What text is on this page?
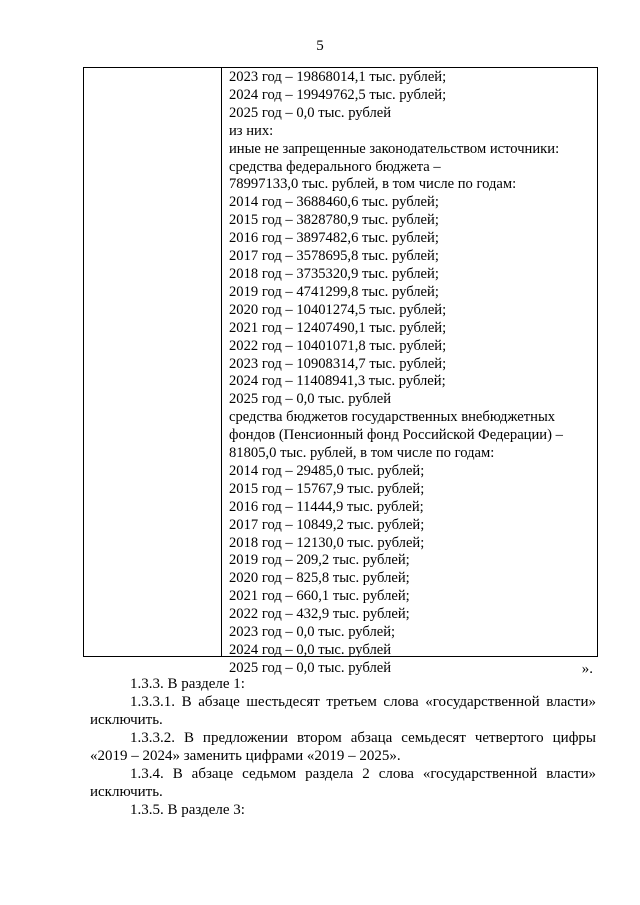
5
2023 год – 19868014,1 тыс. рублей;
2024 год – 19949762,5 тыс. рублей;
2025 год – 0,0 тыс. рублей
из них:
иные не запрещенные законодательством источники:
средства федерального бюджета –
78997133,0 тыс. рублей, в том числе по годам:
2014 год – 3688460,6 тыс. рублей;
2015 год – 3828780,9 тыс. рублей;
2016 год – 3897482,6 тыс. рублей;
2017 год – 3578695,8 тыс. рублей;
2018 год – 3735320,9 тыс. рублей;
2019 год – 4741299,8 тыс. рублей;
2020 год – 10401274,5 тыс. рублей;
2021 год – 12407490,1 тыс. рублей;
2022 год – 10401071,8 тыс. рублей;
2023 год – 10908314,7 тыс. рублей;
2024 год – 11408941,3 тыс. рублей;
2025 год – 0,0 тыс. рублей
средства бюджетов государственных внебюджетных
фондов (Пенсионный фонд Российской Федерации) –
81805,0 тыс. рублей, в том числе по годам:
2014 год – 29485,0 тыс. рублей;
2015 год – 15767,9 тыс. рублей;
2016 год – 11444,9 тыс. рублей;
2017 год – 10849,2 тыс. рублей;
2018 год – 12130,0 тыс. рублей;
2019 год – 209,2 тыс. рублей;
2020 год – 825,8 тыс. рублей;
2021 год – 660,1 тыс. рублей;
2022 год – 432,9 тыс. рублей;
2023 год – 0,0 тыс. рублей;
2024 год – 0,0 тыс. рублей
2025 год – 0,0 тыс. рублей	».

1.3.3. В разделе 1:

1.3.3.1. В абзаце шестьдесят третьем слова «государственной власти» исключить.

1.3.3.2. В предложении втором абзаца семьдесят четвертого цифры «2019 – 2024» заменить цифрами «2019 – 2025».

1.3.4. В абзаце седьмом раздела 2 слова «государственной власти» исключить.

1.3.5. В разделе 3:
